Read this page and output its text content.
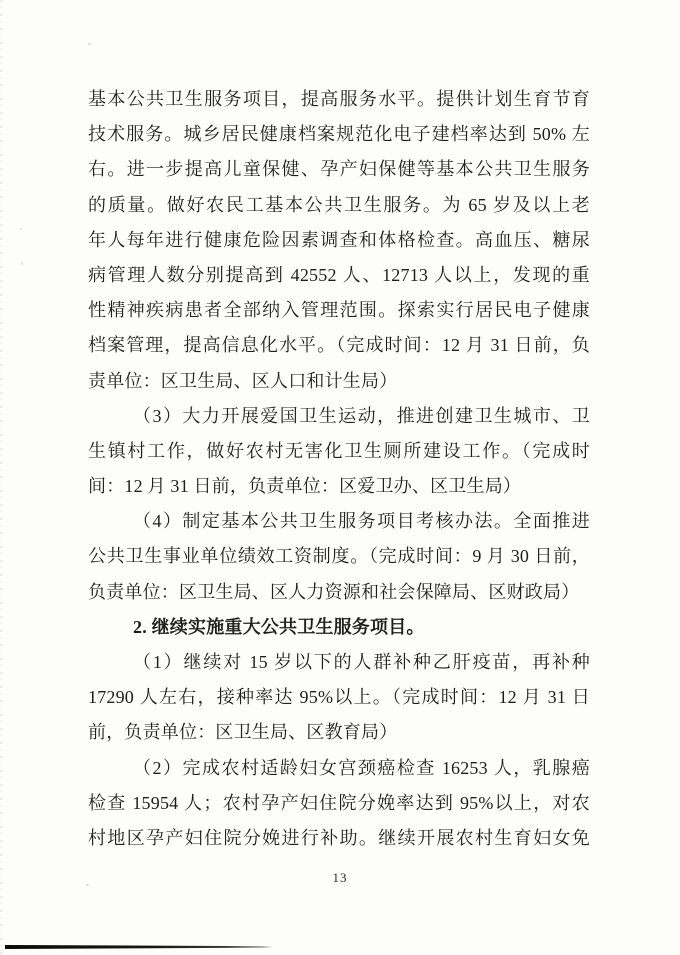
基本公共卫生服务项目，提高服务水平。提供计划生育节育
技术服务。城乡居民健康档案规范化电子建档率达到 50% 左
右。进一步提高儿童保健、孕产妇保健等基本公共卫生服务
的质量。做好农民工基本公共卫生服务。为 65 岁及以上老
年人每年进行健康危险因素调查和体格检查。高血压、糖尿
病管理人数分别提高到 42552 人、12713 人以上，发现的重
性精神疾病患者全部纳入管理范围。探索实行居民电子健康
档案管理，提高信息化水平。（完成时间：12 月 31 日前，负
责单位：区卫生局、区人口和计生局）
（3）大力开展爱国卫生运动，推进创建卫生城市、卫
生镇村工作，做好农村无害化卫生厕所建设工作。（完成时
间：12 月 31 日前，负责单位：区爱卫办、区卫生局）
（4）制定基本公共卫生服务项目考核办法。全面推进
公共卫生事业单位绩效工资制度。（完成时间：9 月 30 日前，
负责单位：区卫生局、区人力资源和社会保障局、区财政局）
2. 继续实施重大公共卫生服务项目。
（1）继续对 15 岁以下的人群补种乙肝疫苗，再补种
17290 人左右，接种率达 95%以上。（完成时间：12 月 31 日
前，负责单位：区卫生局、区教育局）
（2）完成农村适龄妇女宫颈癌检查 16253 人，乳腺癌
检查 15954 人；农村孕产妇住院分娩率达到 95%以上，对农
村地区孕产妇住院分娩进行补助。继续开展农村生育妇女免
13
